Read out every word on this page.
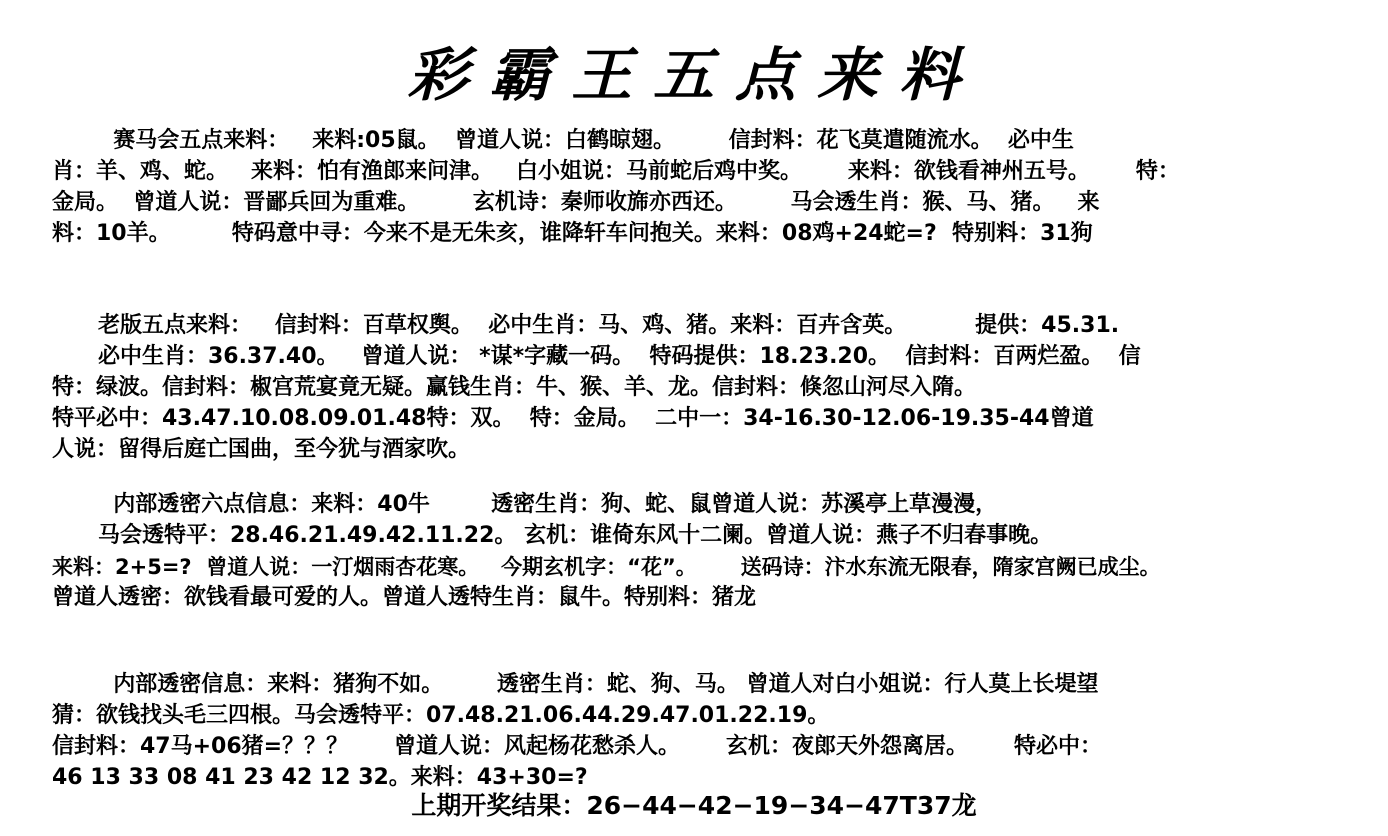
彩霸王五点来料
赛马会五点来料：   来料:05鼠。  曾道人说：白鹤晾翅。       信封料：花飞莫遣随流水。  必中生
肖：羊、鸡、蛇。   来料：怕有渔郎来问津。   白小姐说：马前蛇后鸡中奖。      来料：欲钱看神州五号。      特：
金局。  曾道人说：晋鄙兵回为重难。       玄机诗：秦师收旆亦西还。       马会透生肖：猴、马、猪。   来
料：10羊。        特码意中寻：今来不是无朱亥，谁降轩车问抱关。来料：08鸡+24蛇=?  特别料：31狗
老版五点来料：   信封料：百草权舆。  必中生肖：马、鸡、猪。来料：百卉含英。         提供：45.31.
必中生肖：36.37.40。   曾道人说： *谋*字藏一码。  特码提供：18.23.20。  信封料：百两烂盈。  信
特：绿波。信封料：椒宫荒宴竟无疑。赢钱生肖：牛、猴、羊、龙。信封料：倏忽山河尽入隋。
特平必中：43.47.10.08.09.01.48特：双。  特：金局。  二中一：34-16.30-12.06-19.35-44曾道
人说：留得后庭亡国曲，至今犹与酒家吹。
内部透密六点信息：来料：40牛        透密生肖：狗、蛇、鼠曾道人说：苏溪亭上草漫漫，
马会透特平：28.46.21.49.42.11.22。 玄机：谁倚东风十二阑。曾道人说：燕子不归春事晚。
来料：2+5=?  曾道人说：一汀烟雨杏花寒。   今期玄机字：“花”。      送码诗：汴水东流无限春，隋家宫阙已成尘。
曾道人透密：欲钱看最可爱的人。曾道人透特生肖：鼠牛。特别料：猪龙
内部透密信息：来料：猪狗不如。       透密生肖：蛇、狗、马。 曾道人对白小姐说：行人莫上长堤望
猜：欲钱找头毛三四根。马会透特平：07.48.21.06.44.29.47.01.22.19。
信封料：47马+06猪=？？？      曾道人说：风起杨花愁杀人。      玄机：夜郎天外怨离居。      特必中：
46 13 33 08 41 23 42 12 32。来料：43+30=?
上期开奖结果：26−44−42−19−34−47T37龙
